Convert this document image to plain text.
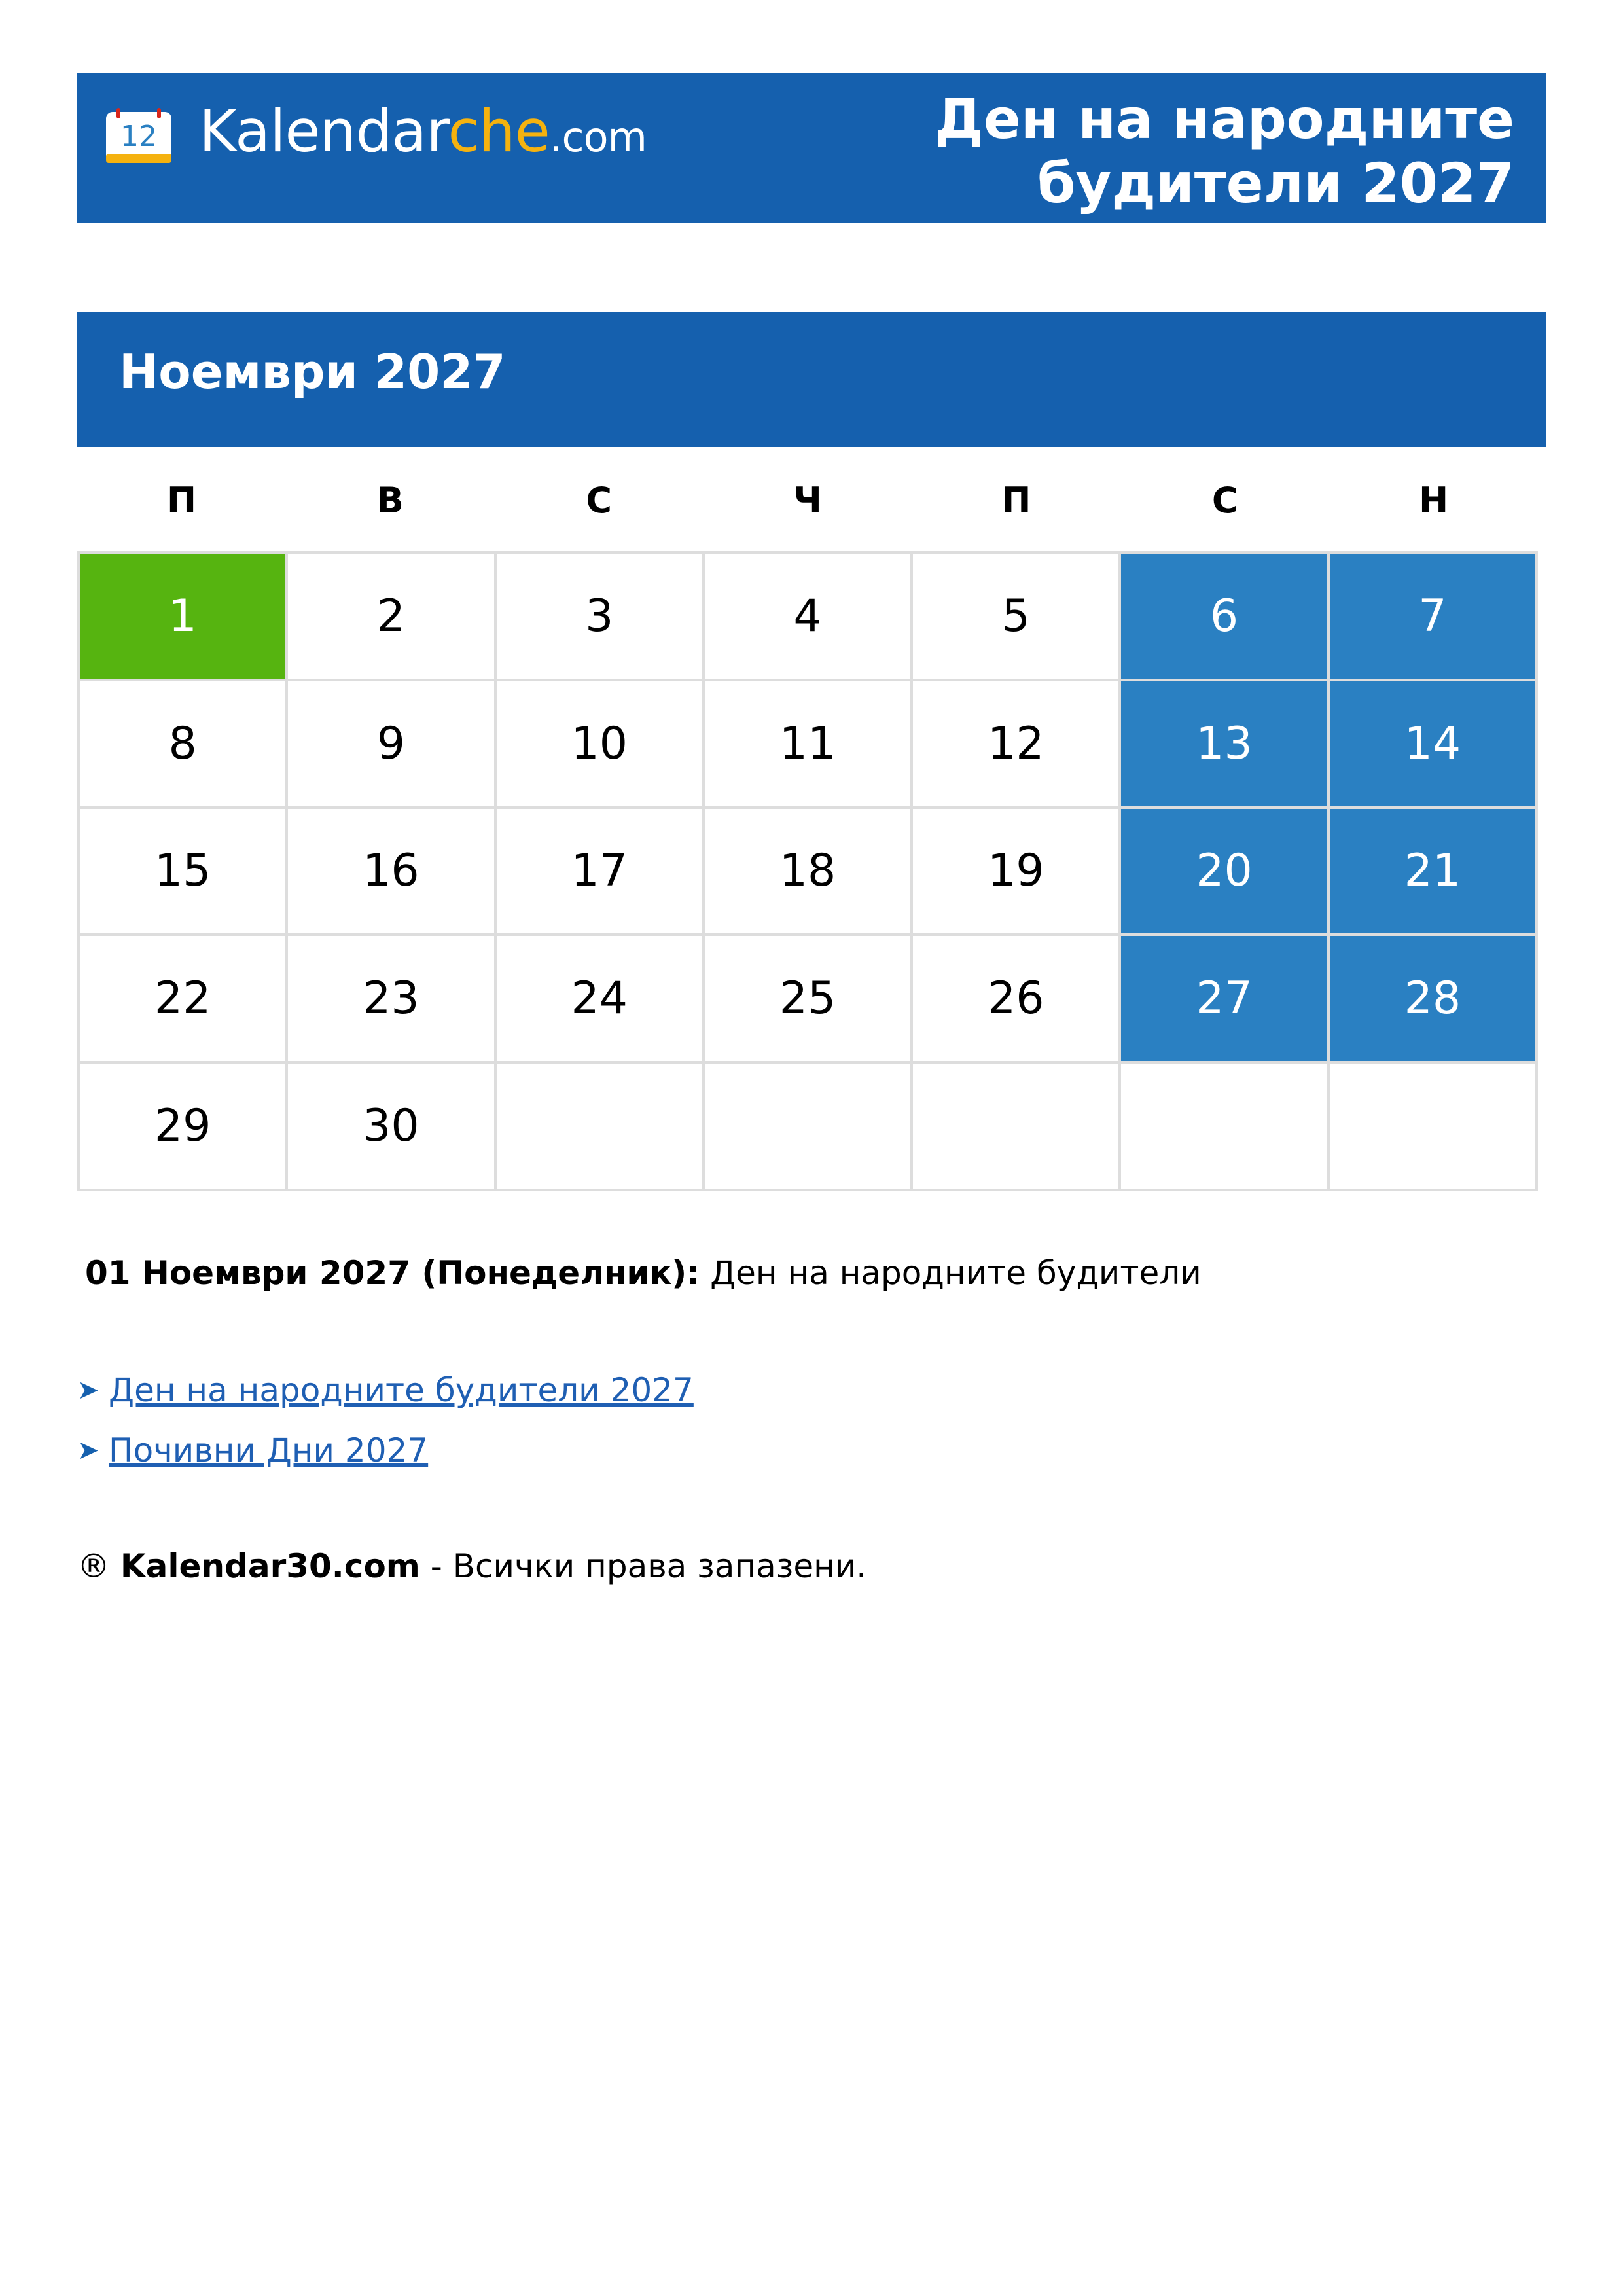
12 Kalendarche.com	Ден на народните
будители 2027
Ноември 2027
П	В	С	Ч	П	С	Н
1	2	3	4	5	6	7
8	9	10	11	12	13	14
15	16	17	18	19	20	21
22	23	24	25	26	27	28
29	30
01 Ноември 2027 (Понеделник): Ден на народните будители
➤ Ден на народните будители 2027
➤ Почивни Дни 2027
® Kalendar30.com - Всички права запазени.
